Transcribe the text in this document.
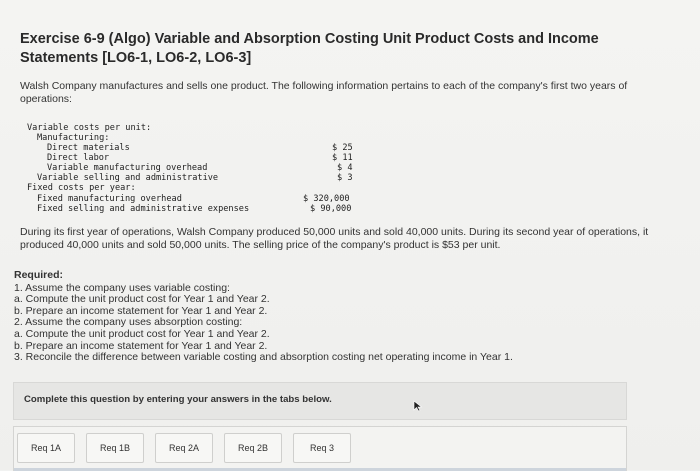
Exercise 6-9 (Algo) Variable and Absorption Costing Unit Product Costs and Income Statements [LO6-1, LO6-2, LO6-3]
Walsh Company manufactures and sells one product. The following information pertains to each of the company's first two years of operations:
Variable costs per unit:
Manufacturing:
Direct materials	$ 25
Direct labor	$ 11
Variable manufacturing overhead	$ 4
Variable selling and administrative	$ 3
Fixed costs per year:
Fixed manufacturing overhead	$ 320,000
Fixed selling and administrative expenses	$ 90,000
During its first year of operations, Walsh Company produced 50,000 units and sold 40,000 units. During its second year of operations, it produced 40,000 units and sold 50,000 units. The selling price of the company's product is $53 per unit.
Required:
1. Assume the company uses variable costing:
a. Compute the unit product cost for Year 1 and Year 2.
b. Prepare an income statement for Year 1 and Year 2.
2. Assume the company uses absorption costing:
a. Compute the unit product cost for Year 1 and Year 2.
b. Prepare an income statement for Year 1 and Year 2.
3. Reconcile the difference between variable costing and absorption costing net operating income in Year 1.
Complete this question by entering your answers in the tabs below.
Req 1A	Req 1B	Req 2A	Req 2B	Req 3
